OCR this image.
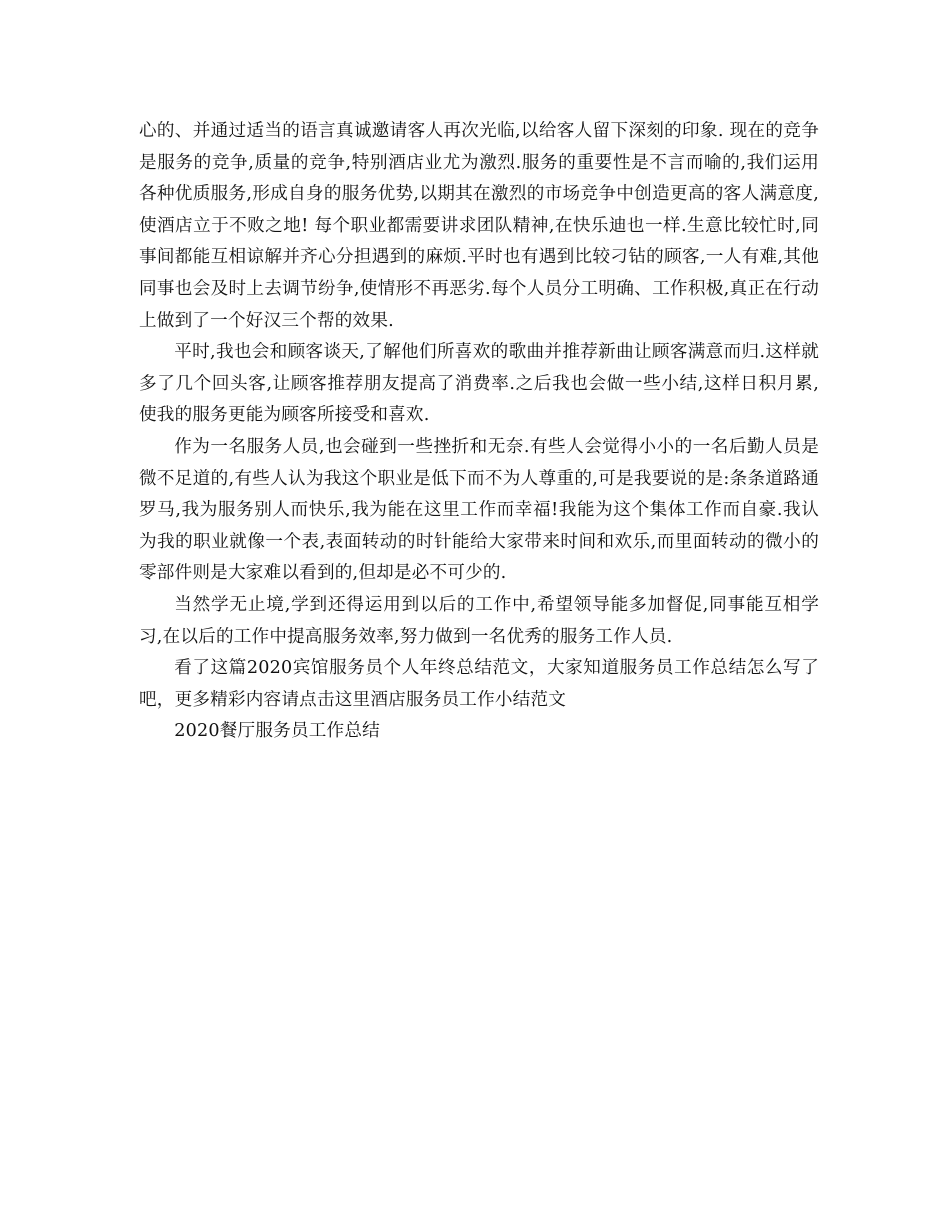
心的、并通过适当的语言真诚邀请客人再次光临,以给客人留下深刻的印象. 现在的竞争是服务的竞争,质量的竞争,特别酒店业尤为激烈.服务的重要性是不言而喻的,我们运用各种优质服务,形成自身的服务优势,以期其在激烈的市场竞争中创造更高的客人满意度,使酒店立于不败之地! 每个职业都需要讲求团队精神,在快乐迪也一样.生意比较忙时,同事间都能互相谅解并齐心分担遇到的麻烦.平时也有遇到比较刁钻的顾客,一人有难,其他同事也会及时上去调节纷争,使情形不再恶劣.每个人员分工明确、工作积极,真正在行动上做到了一个好汉三个帮的效果.

平时,我也会和顾客谈天,了解他们所喜欢的歌曲并推荐新曲让顾客满意而归.这样就多了几个回头客,让顾客推荐朋友提高了消费率.之后我也会做一些小结,这样日积月累,使我的服务更能为顾客所接受和喜欢.

作为一名服务人员,也会碰到一些挫折和无奈.有些人会觉得小小的一名后勤人员是微不足道的,有些人认为我这个职业是低下而不为人尊重的,可是我要说的是:条条道路通罗马,我为服务别人而快乐,我为能在这里工作而幸福!我能为这个集体工作而自豪.我认为我的职业就像一个表,表面转动的时针能给大家带来时间和欢乐,而里面转动的微小的零部件则是大家难以看到的,但却是必不可少的.

当然学无止境,学到还得运用到以后的工作中,希望领导能多加督促,同事能互相学习,在以后的工作中提高服务效率,努力做到一名优秀的服务工作人员.

看了这篇2020宾馆服务员个人年终总结范文，大家知道服务员工作总结怎么写了吧，更多精彩内容请点击这里酒店服务员工作小结范文

2020餐厅服务员工作总结
